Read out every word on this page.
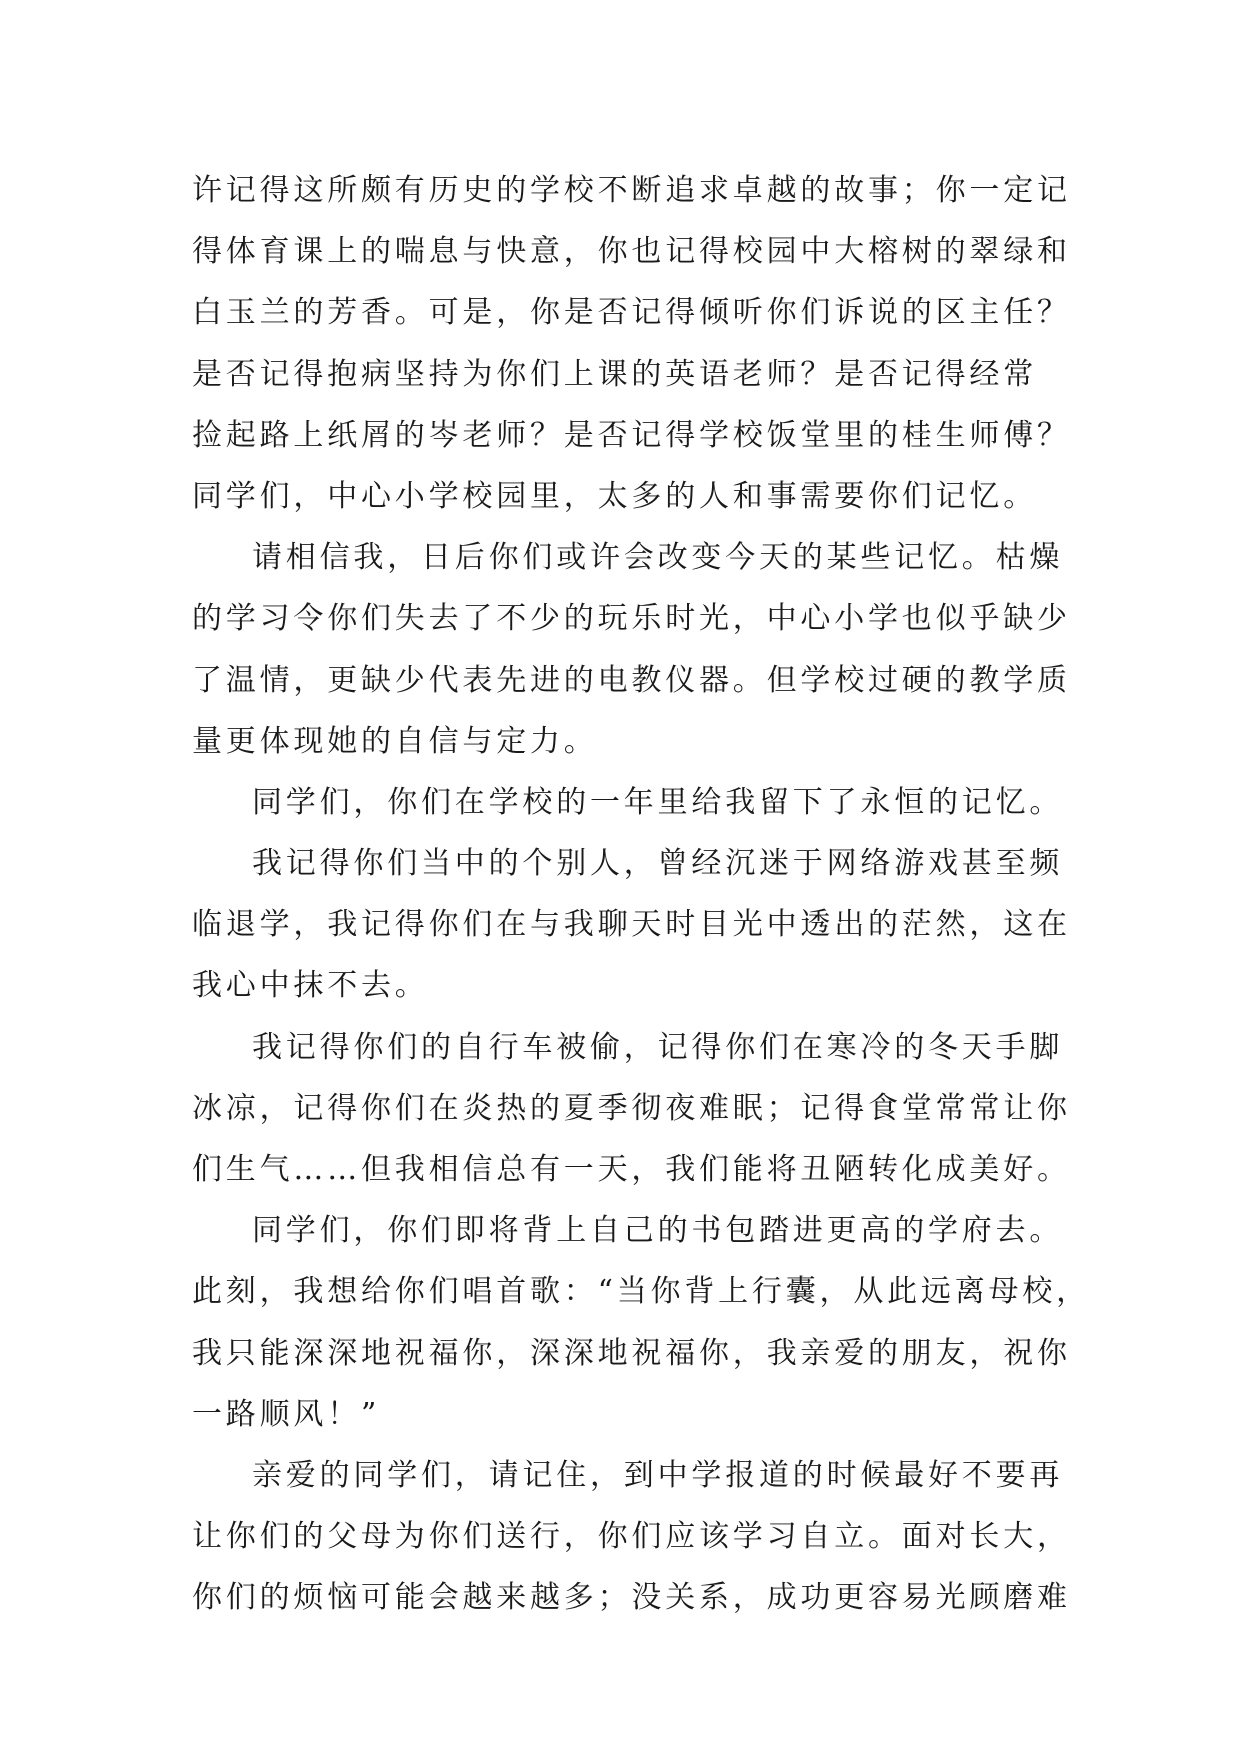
许记得这所颇有历史的学校不断追求卓越的故事；你一定记
得体育课上的喘息与快意，你也记得校园中大榕树的翠绿和
白玉兰的芳香。可是，你是否记得倾听你们诉说的区主任？
是否记得抱病坚持为你们上课的英语老师？是否记得经常
捡起路上纸屑的岑老师？是否记得学校饭堂里的桂生师傅？
同学们，中心小学校园里，太多的人和事需要你们记忆。
请相信我，日后你们或许会改变今天的某些记忆。枯燥
的学习令你们失去了不少的玩乐时光，中心小学也似乎缺少
了温情，更缺少代表先进的电教仪器。但学校过硬的教学质
量更体现她的自信与定力。
同学们，你们在学校的一年里给我留下了永恒的记忆。
我记得你们当中的个别人，曾经沉迷于网络游戏甚至频
临退学，我记得你们在与我聊天时目光中透出的茫然，这在
我心中抹不去。
我记得你们的自行车被偷，记得你们在寒冷的冬天手脚
冰凉，记得你们在炎热的夏季彻夜难眠；记得食堂常常让你
们生气……但我相信总有一天，我们能将丑陋转化成美好。
同学们，你们即将背上自己的书包踏进更高的学府去。
此刻，我想给你们唱首歌：“当你背上行囊，从此远离母校，
我只能深深地祝福你，深深地祝福你，我亲爱的朋友，祝你
一路顺风！”
亲爱的同学们，请记住，到中学报道的时候最好不要再
让你们的父母为你们送行，你们应该学习自立。面对长大，
你们的烦恼可能会越来越多；没关系，成功更容易光顾磨难
